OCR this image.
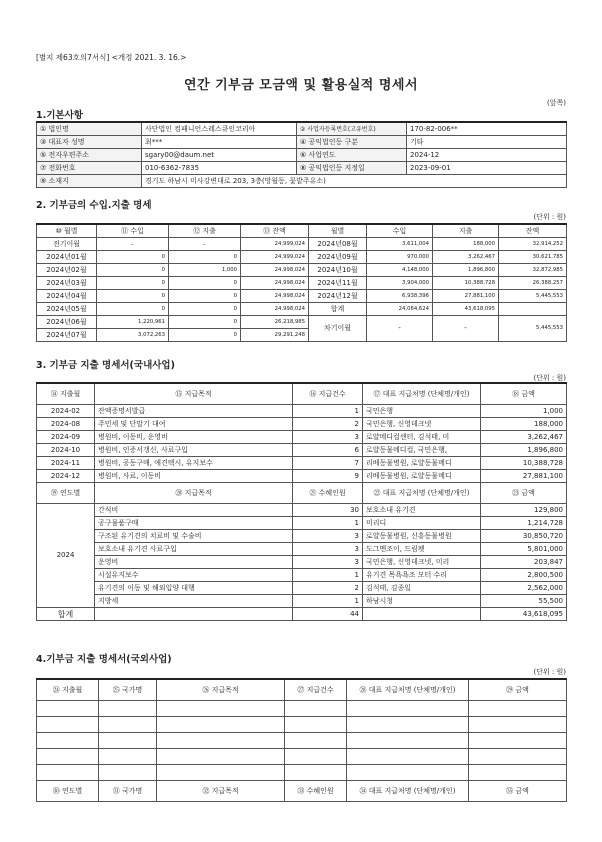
[별지 제63호의7서식] <개정 2021. 3. 16.>
연간 기부금 모금액 및 활용실적 명세서
(앞쪽)
1.기본사항
① 법인명	사단법인 컴패니언스레스큐인코리아	② 사업자등록번호(고유번호)	170-82-006**
③ 대표자 성명	최***	④ 공익법인등 구분	기타
⑤ 전자우편주소	sgary00@daum.net	⑥ 사업연도	2024-12
⑦ 전화번호	010-6362-7835	⑧ 공익법인등 지정일	2023-09-01
⑨ 소재지	경기도 하남시 미사강변대로 203, 3층(망월동, 꽃밭주유소)		
2. 기부금의 수입.지출 명세
(단위 : 원)
⑩ 월별	⑪ 수입	⑫ 지출	⑬ 잔액	월별	수입	지출	잔액
전기이월	-	-	24,999,024	2024년08월	3,611,004	188,000	32,914,252
2024년01월	0	0	24,999,024	2024년09월	970,000	3,262,467	30,621,785
2024년02월	0	1,000	24,998,024	2024년10월	4,148,000	1,896,800	32,872,985
2024년03월	0	0	24,998,024	2024년11월	3,904,000	10,388,728	26,388,257
2024년04월	0	0	24,998,024	2024년12월	6,938,396	27,881,100	5,445,553
2024년05월	0	0	24,998,024	합계	24,064,624	43,618,095	
2024년06월	1,220,961	0	26,218,985	차기이월	-	-	5,445,553
2024년07월	3,072,263	0	29,291,248				
3. 기부금 지출 명세서(국내사업)
(단위 : 원)
⑭ 지출월	⑮ 지급목적	⑯ 지급건수	⑰ 대표 지급처명 (단체명/개인)	⑱ 금액
2024-02	잔액증명서발급	1	국민은행	1,000
2024-08	주민세 및 단말기 대여	2	국민은행, 신영데크넷	188,000
2024-09	병원비, 이동비, 운영비	3	로얄메디컬센터, 김석태, 미	3,262,467
2024-10	병원비, 인증서갱신, 사료구입	6	로얄동물메디컬, 국민은행,	1,896,800
2024-11	병원비, 공동구매, 애견택시, 유지보수	7	리베동물병원, 로얄동물메디	10,388,728
2024-12	병원비, 사료, 이동비	9	리베동물병원, 로얄동물메디	27,881,100
⑲ 연도별	⑳ 지급목적	㉑ 수혜인원	㉒ 대표 지급처명 (단체명/개인)	㉓ 금액
2024	간식비	30	보호소내 유기견	129,800
	공구물품구매	1	미리디	1,214,728
	구조된 유기견의 치료비 및 수술비	3	로얄동물병원, 신흥동물병원	30,850,720
	보호소내 유기견 사료구입	3	도그멘조이, 드림펫	5,801,000
	운영비	3	국민은행, 신영데크넷, 미리	203,847
	시설유지보수	1	유기견 목욕욕조 모터 수리	2,800,500
	유기견의 이동 및 해외입양 대행	2	김석태, 김종일	2,562,000
	지방세	1	하남시청	55,500
합계		44		43,618,095
4.기부금 지출 명세서(국외사업)
(단위 : 원)
㉔ 지출월	㉕ 국가명	㉖ 지급목적	㉗ 지급건수	㉘ 대표 지급처명 (단체명/개인)	㉙ 금액

㉚ 연도별	㉛ 국가명	㉜ 지급목적	㉝ 수혜인원	㉞ 대표 지급처명 (단체명/개인)	㉟ 금액
